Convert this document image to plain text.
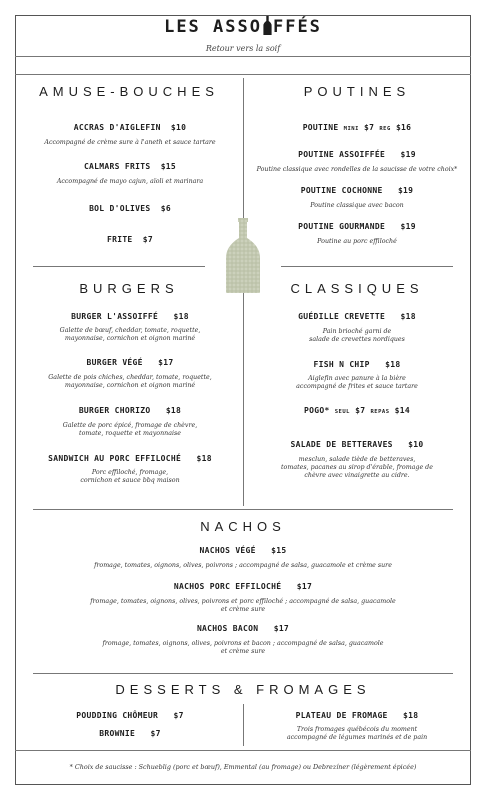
LES ASSO FFÉS
Retour vers la soif
AMUSE-BOUCHES
ACCRAS D'AIGLEFIN $10
Accompagné de crème sure à l'aneth et sauce tartare
CALMARS FRITS $15
Accompagné de mayo cajun, aïoli et marinara
BOL D'OLIVES $6
FRITE $7
POUTINES
POUTINE MINI $7 REG $16
POUTINE ASSOIFFÉE $19
Poutine classique avec rondelles de la saucisse de votre choix*
POUTINE COCHONNE $19
Poutine classique avec bacon
POUTINE GOURMANDE $19
Poutine au porc effiloché
BURGERS
BURGER L'ASSOIFFÉ $18
Galette de bœuf, cheddar, tomate, roquette,
mayonnaise, cornichon et oignon mariné
BURGER VÉGÉ $17
Galette de pois chiches, cheddar, tomate, roquette,
mayonnaise, cornichon et oignon mariné
BURGER CHORIZO $18
Galette de porc épicé, fromage de chèvre,
tomate, roquette et mayonnaise
SANDWICH AU PORC EFFILOCHÉ $18
Porc effiloché, fromage,
cornichon et sauce bbq maison
CLASSIQUES
GUÉDILLE CREVETTE $18
Pain brioché garni de
salade de crevettes nordiques
FISH N CHIP $18
Aiglefin avec panure à la bière
accompagné de frites et sauce tartare
POGO* SEUL $7 REPAS $14
SALADE DE BETTERAVES $10
mesclun, salade tiède de betteraves,
tomates, pacanes au sirop d'érable, fromage de
chèvre avec vinaigrette au cidre.
NACHOS
NACHOS VÉGÉ $15
fromage, tomates, oignons, olives, poivrons ; accompagné de salsa, guacamole et crème sure
NACHOS PORC EFFILOCHÉ $17
fromage, tomates, oignons, olives, poivrons et porc effiloché ; accompagné de salsa, guacamole
et crème sure
NACHOS BACON $17
fromage, tomates, oignons, olives, poivrons et bacon ; accompagné de salsa, guacamole
et crème sure
DESSERTS & FROMAGES
POUDDING CHÔMEUR $7
BROWNIE $7
PLATEAU DE FROMAGE $18
Trois fromages québécois du moment
accompagné de légumes marinés et de pain
* Choix de saucisse : Schueblig (porc et bœuf), Emmental (au fromage) ou Debrezíner (légèrement épicée)
